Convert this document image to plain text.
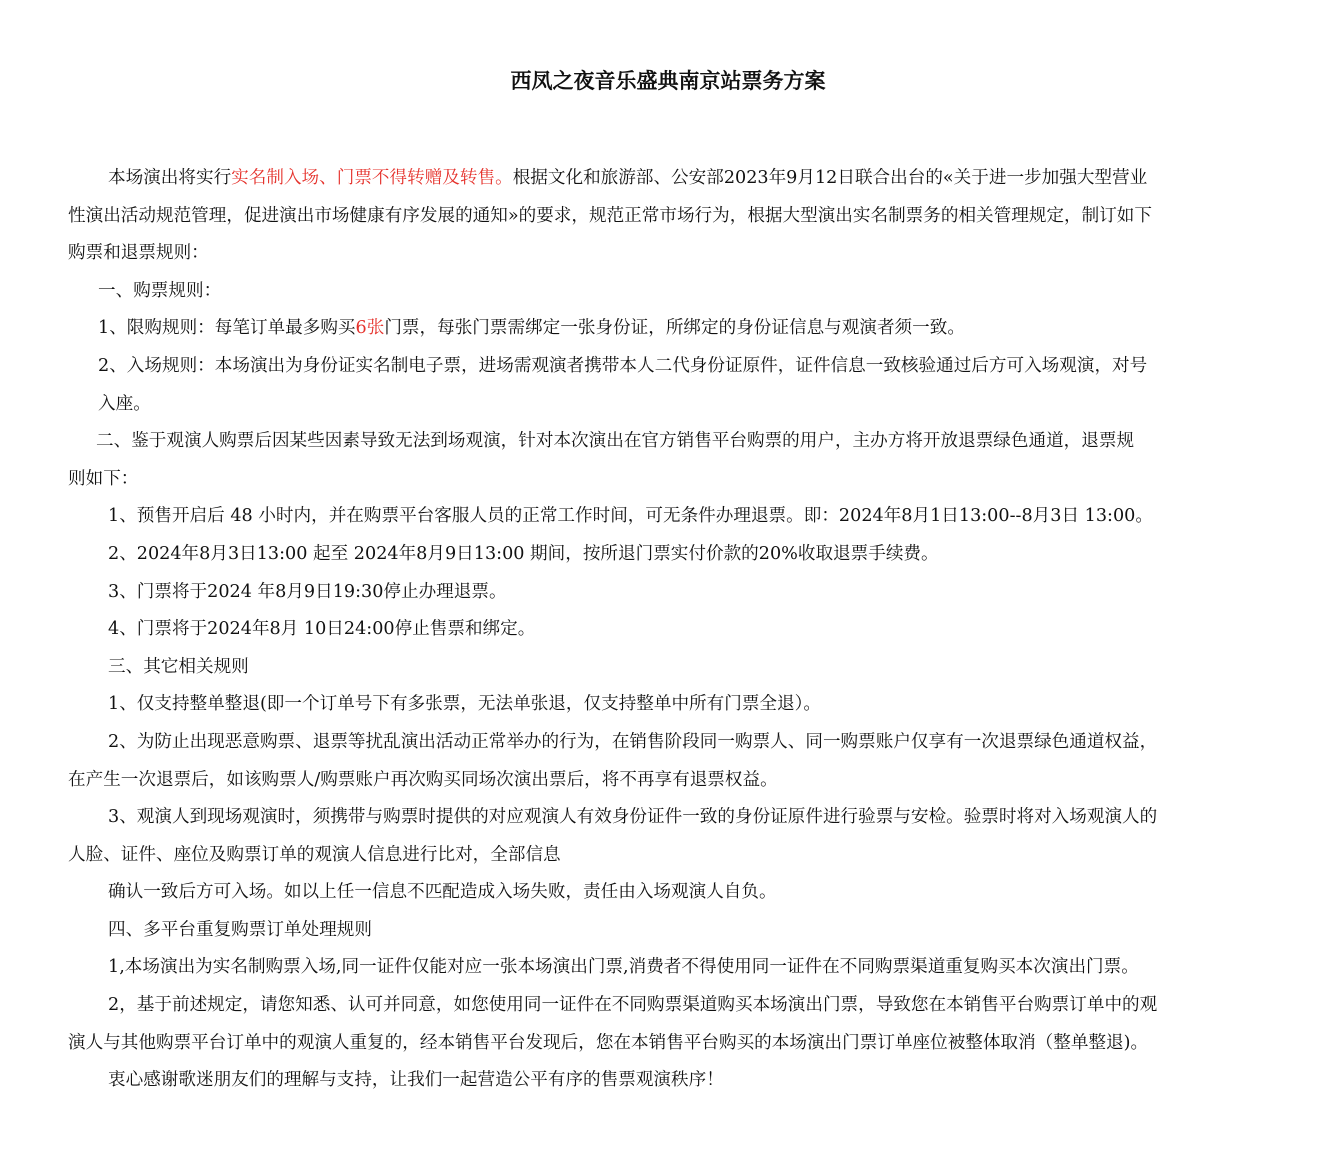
西凤之夜音乐盛典南京站票务方案
本场演出将实行实名制入场、门票不得转赠及转售。根据文化和旅游部、公安部2023年9月12日联合出台的«关于进一步加强大型营业
性演出活动规范管理，促进演出市场健康有序发展的通知»的要求，规范正常市场行为，根据大型演出实名制票务的相关管理规定，制订如下
购票和退票规则：
一、购票规则：
1、限购规则：每笔订单最多购买6张门票，每张门票需绑定一张身份证，所绑定的身份证信息与观演者须一致。
2、入场规则：本场演出为身份证实名制电子票，进场需观演者携带本人二代身份证原件，证件信息一致核验通过后方可入场观演，对号
入座。
二、鉴于观演人购票后因某些因素导致无法到场观演，针对本次演出在官方销售平台购票的用户，主办方将开放退票绿色通道，退票规
则如下：
1、预售开启后 48 小时内，并在购票平台客服人员的正常工作时间，可无条件办理退票。即：2024年8月1日13:00--8月3日 13:00。
2、2024年8月3日13:00 起至 2024年8月9日13:00 期间，按所退门票实付价款的20%收取退票手续费。
3、门票将于2024 年8月9日19:30停止办理退票。
4、门票将于2024年8月 10日24:00停止售票和绑定。
三、其它相关规则
1、仅支持整单整退(即一个订单号下有多张票，无法单张退，仅支持整单中所有门票全退）。
2、为防止出现恶意购票、退票等扰乱演出活动正常举办的行为，在销售阶段同一购票人、同一购票账户仅享有一次退票绿色通道权益，
在产生一次退票后，如该购票人/购票账户再次购买同场次演出票后，将不再享有退票权益。
3、观演人到现场观演时，须携带与购票时提供的对应观演人有效身份证件一致的身份证原件进行验票与安检。验票时将对入场观演人的
人脸、证件、座位及购票订单的观演人信息进行比对，全部信息
确认一致后方可入场。如以上任一信息不匹配造成入场失败，责任由入场观演人自负。
四、多平台重复购票订单处理规则
1,本场演出为实名制购票入场,同一证件仅能对应一张本场演出门票,消费者不得使用同一证件在不同购票渠道重复购买本次演出门票。
2，基于前述规定，请您知悉、认可并同意，如您使用同一证件在不同购票渠道购买本场演出门票，导致您在本销售平台购票订单中的观
演人与其他购票平台订单中的观演人重复的，经本销售平台发现后，您在本销售平台购买的本场演出门票订单座位被整体取消（整单整退)。
衷心感谢歌迷朋友们的理解与支持，让我们一起营造公平有序的售票观演秩序！
